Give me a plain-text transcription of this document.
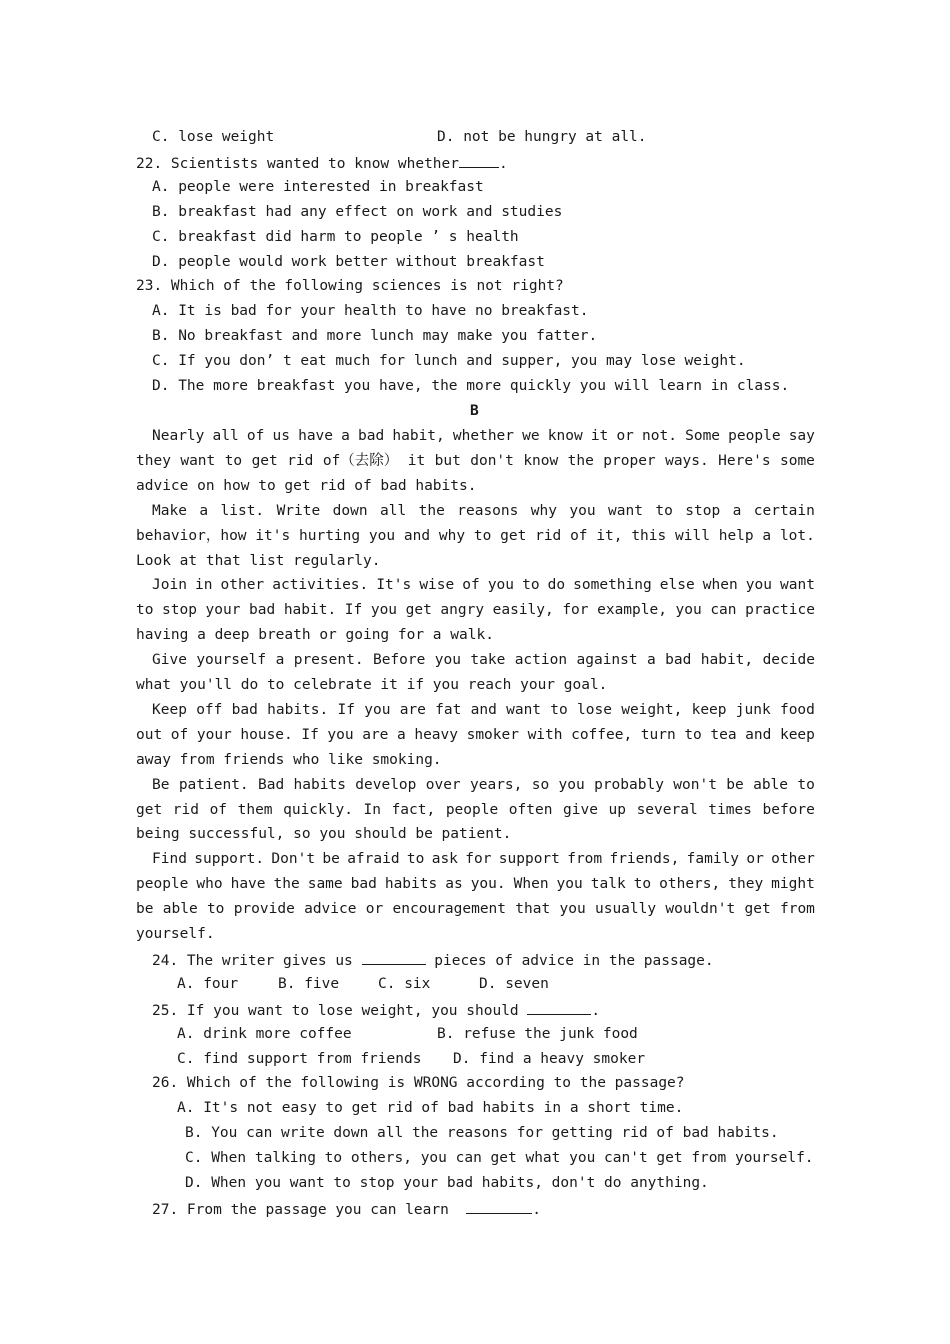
C. lose weight	D. not be hungry at all.
22. Scientists wanted to know whether	.
A. people were interested in breakfast
B. breakfast had any effect on work and studies
C. breakfast did harm to people ’ s health
D. people would work better without breakfast
23. Which of the following sciences is not right?
A. It is bad for your health to have no breakfast.
B. No breakfast and more lunch may make you fatter.
C. If you don’ t eat much for lunch and supper, you may lose weight.
D. The more breakfast you have, the more quickly you will learn in class.
B
Nearly all of us have a bad habit, whether we know it or not. Some people say
they want to get rid of（去除） it but don't know the proper ways. Here's some
advice on how to get rid of bad habits.
Make a list. Write down all the reasons why you want to stop a certain
behavior，how it's hurting you and why to get rid of it, this will help a lot.
Look at that list regularly.
Join in other activities. It's wise of you to do something else when you want
to stop your bad habit. If you get angry easily, for example, you can practice
having a deep breath or going for a walk.
Give yourself a present. Before you take action against a bad habit, decide
what you'll do to celebrate it if you reach your goal.
Keep off bad habits. If you are fat and want to lose weight, keep junk food
out of your house. If you are a heavy smoker with coffee, turn to tea and keep
away from friends who like smoking.
Be patient. Bad habits develop over years, so you probably won't be able to
get rid of them quickly. In fact, people often give up several times before
being successful, so you should be patient.
Find support. Don't be afraid to ask for support from friends, family or other
people who have the same bad habits as you. When you talk to others, they might
be able to provide advice or encouragement that you usually wouldn't get from
yourself.
24. The writer gives us	pieces of advice in the passage.
A. four	B. five	C. six	D. seven
25. If you want to lose weight, you should	.
A. drink more coffee	B. refuse the junk food
C. find support from friends D. find a heavy smoker
26. Which of the following is WRONG according to the passage?
A. It's not easy to get rid of bad habits in a short time.
B. You can write down all the reasons for getting rid of bad habits.
C. When talking to others, you can get what you can't get from yourself.
D. When you want to stop your bad habits, don't do anything.
27. From the passage you can learn	.
